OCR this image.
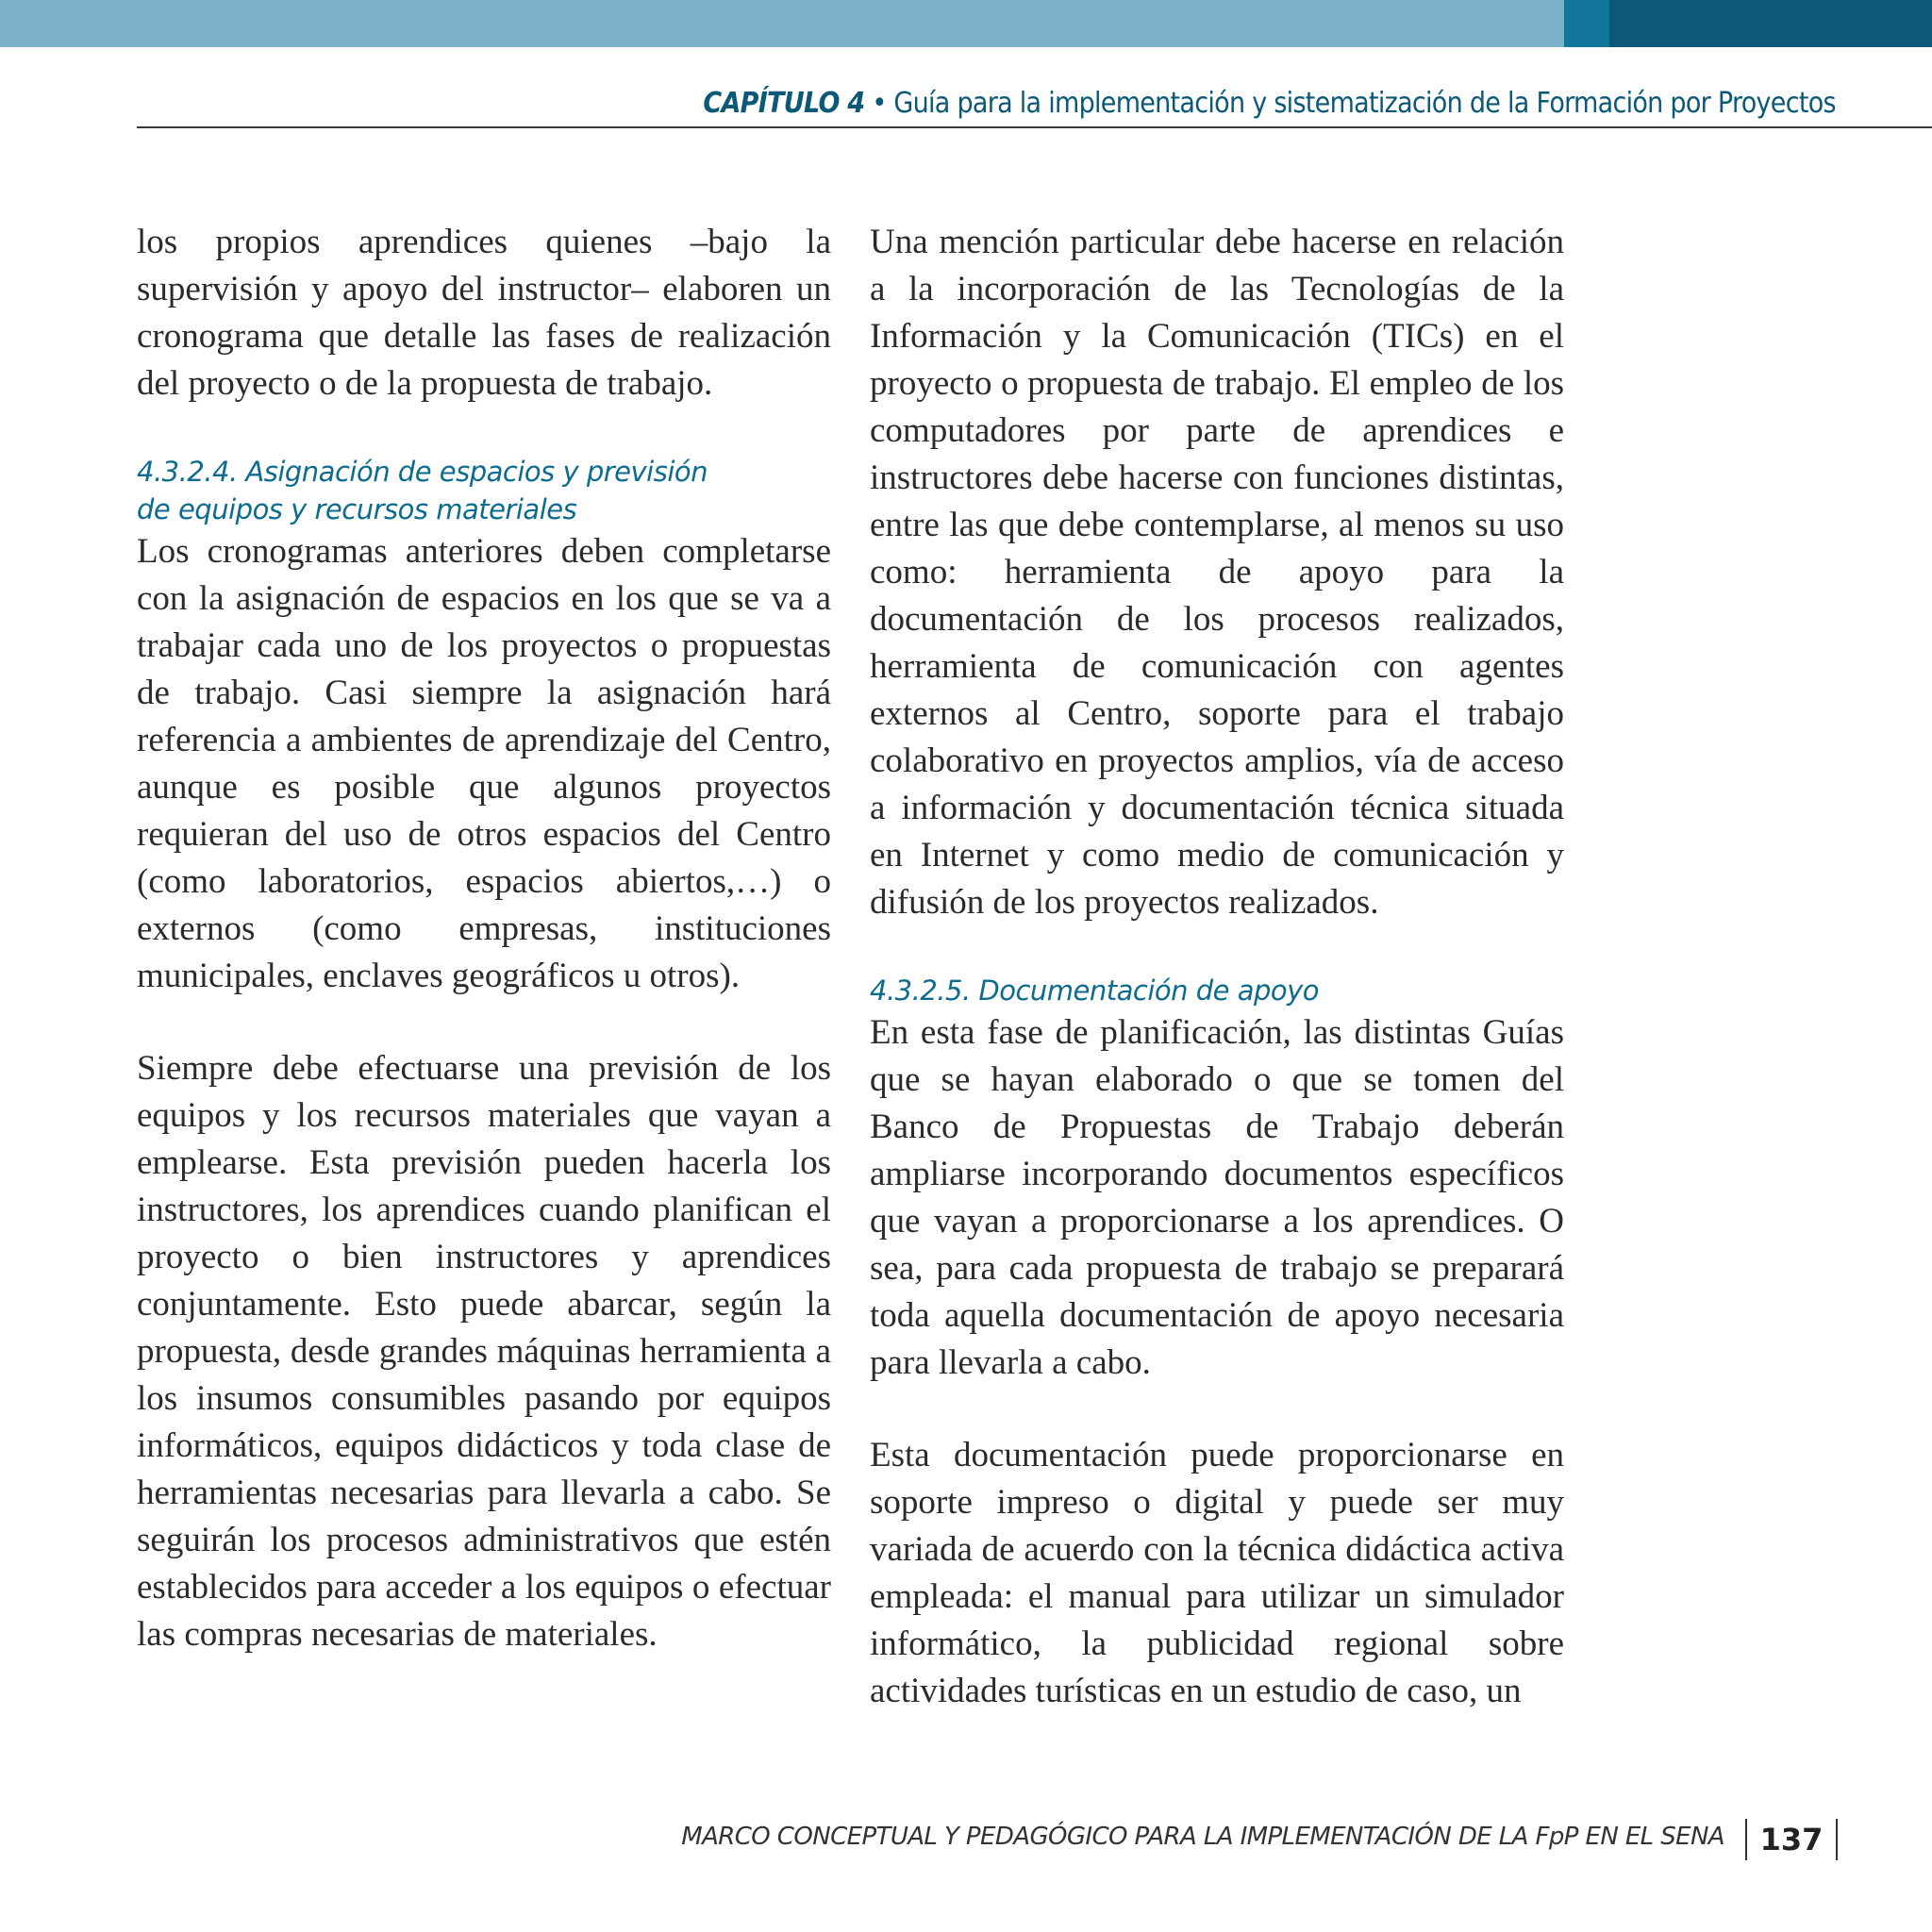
CAPÍTULO 4 • Guía para la implementación y sistematización de la Formación por Proyectos

los propios aprendices quienes –bajo la supervisión y apoyo del instructor– elaboren un cronograma que detalle las fases de realización del proyecto o de la propuesta de trabajo.

4.3.2.4. Asignación de espacios y previsión
de equipos y recursos materiales

Los cronogramas anteriores deben completarse con la asignación de espacios en los que se va a trabajar cada uno de los proyectos o propuestas de trabajo. Casi siempre la asignación hará referencia a ambientes de aprendizaje del Centro, aunque es posible que algunos proyectos requieran del uso de otros espacios del Centro (como laboratorios, espacios abiertos,…) o externos (como empresas, instituciones municipales, enclaves geográficos u otros).

Siempre debe efectuarse una previsión de los equipos y los recursos materiales que vayan a emplearse. Esta previsión pueden hacerla los instructores, los aprendices cuando planifican el proyecto o bien instructores y aprendices conjuntamente. Esto puede abarcar, según la propuesta, desde grandes máquinas herramienta a los insumos consumibles pasando por equipos informáticos, equipos didácticos y toda clase de herramientas necesarias para llevarla a cabo. Se seguirán los procesos administrativos que estén establecidos para acceder a los equipos o efectuar las compras necesarias de materiales.

Una mención particular debe hacerse en relación a la incorporación de las Tecnologías de la Información y la Comunicación (TICs) en el proyecto o propuesta de trabajo. El empleo de los computadores por parte de aprendices e instructores debe hacerse con funciones distintas, entre las que debe contemplarse, al menos su uso como: herramienta de apoyo para la documentación de los procesos realizados, herramienta de comunicación con agentes externos al Centro, soporte para el trabajo colaborativo en proyectos amplios, vía de acceso a información y documentación técnica situada en Internet y como medio de comunicación y difusión de los proyectos realizados.

4.3.2.5. Documentación de apoyo

En esta fase de planificación, las distintas Guías que se hayan elaborado o que se tomen del Banco de Propuestas de Trabajo deberán ampliarse incorporando documentos específicos que vayan a proporcionarse a los aprendices. O sea, para cada propuesta de trabajo se preparará toda aquella documentación de apoyo necesaria para llevarla a cabo.

Esta documentación puede proporcionarse en soporte impreso o digital y puede ser muy variada de acuerdo con la técnica didáctica activa empleada: el manual para utilizar un simulador informático, la publicidad regional sobre actividades turísticas en un estudio de caso, un

MARCO CONCEPTUAL Y PEDAGÓGICO PARA LA IMPLEMENTACIÓN DE LA FpP EN EL SENA	137
